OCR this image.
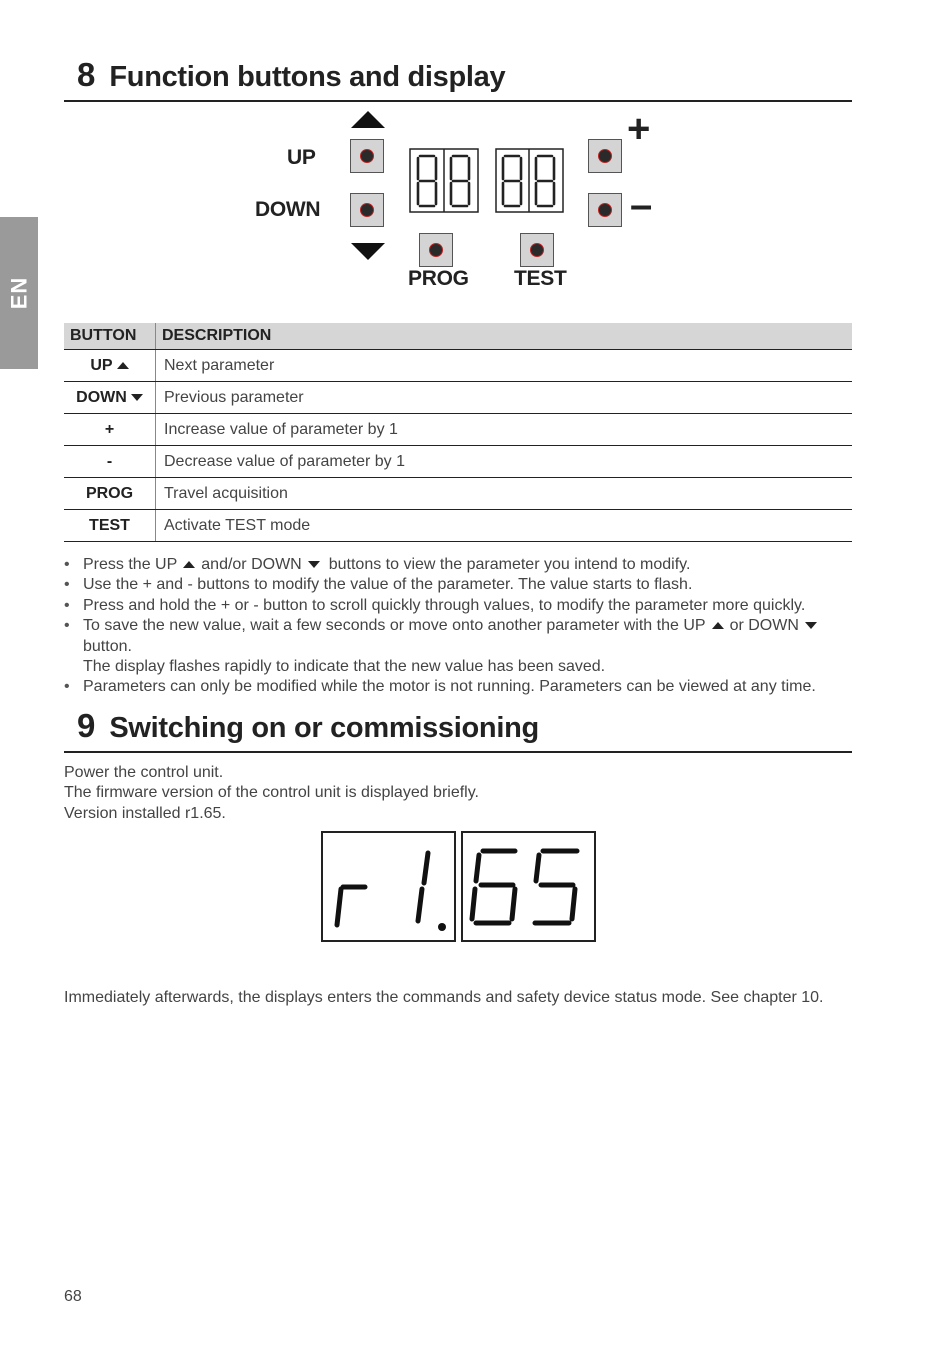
EN
8 Function buttons and display
UP
DOWN
PROG TEST
+
–
BUTTON	DESCRIPTION
UP	Next parameter
DOWN	Previous parameter
+	Increase value of parameter by 1
-	Decrease value of parameter by 1
PROG	Travel acquisition
TEST	Activate TEST mode
• Press the UP and/or DOWN buttons to view the parameter you intend to modify.
• Use the + and - buttons to modify the value of the parameter. The value starts to flash.
• Press and hold the + or - button to scroll quickly through values, to modify the parameter more quickly.
• To save the new value, wait a few seconds or move onto another parameter with the UP or DOWNbutton.
The display flashes rapidly to indicate that the new value has been saved.
• Parameters can only be modified while the motor is not running. Parameters can be viewed at any time.
9 Switching on or commissioning
Power the control unit.
The firmware version of the control unit is displayed briefly.
Version installed r1.65.
Immediately afterwards, the displays enters the commands and safety device status mode. See chapter 10.
68
